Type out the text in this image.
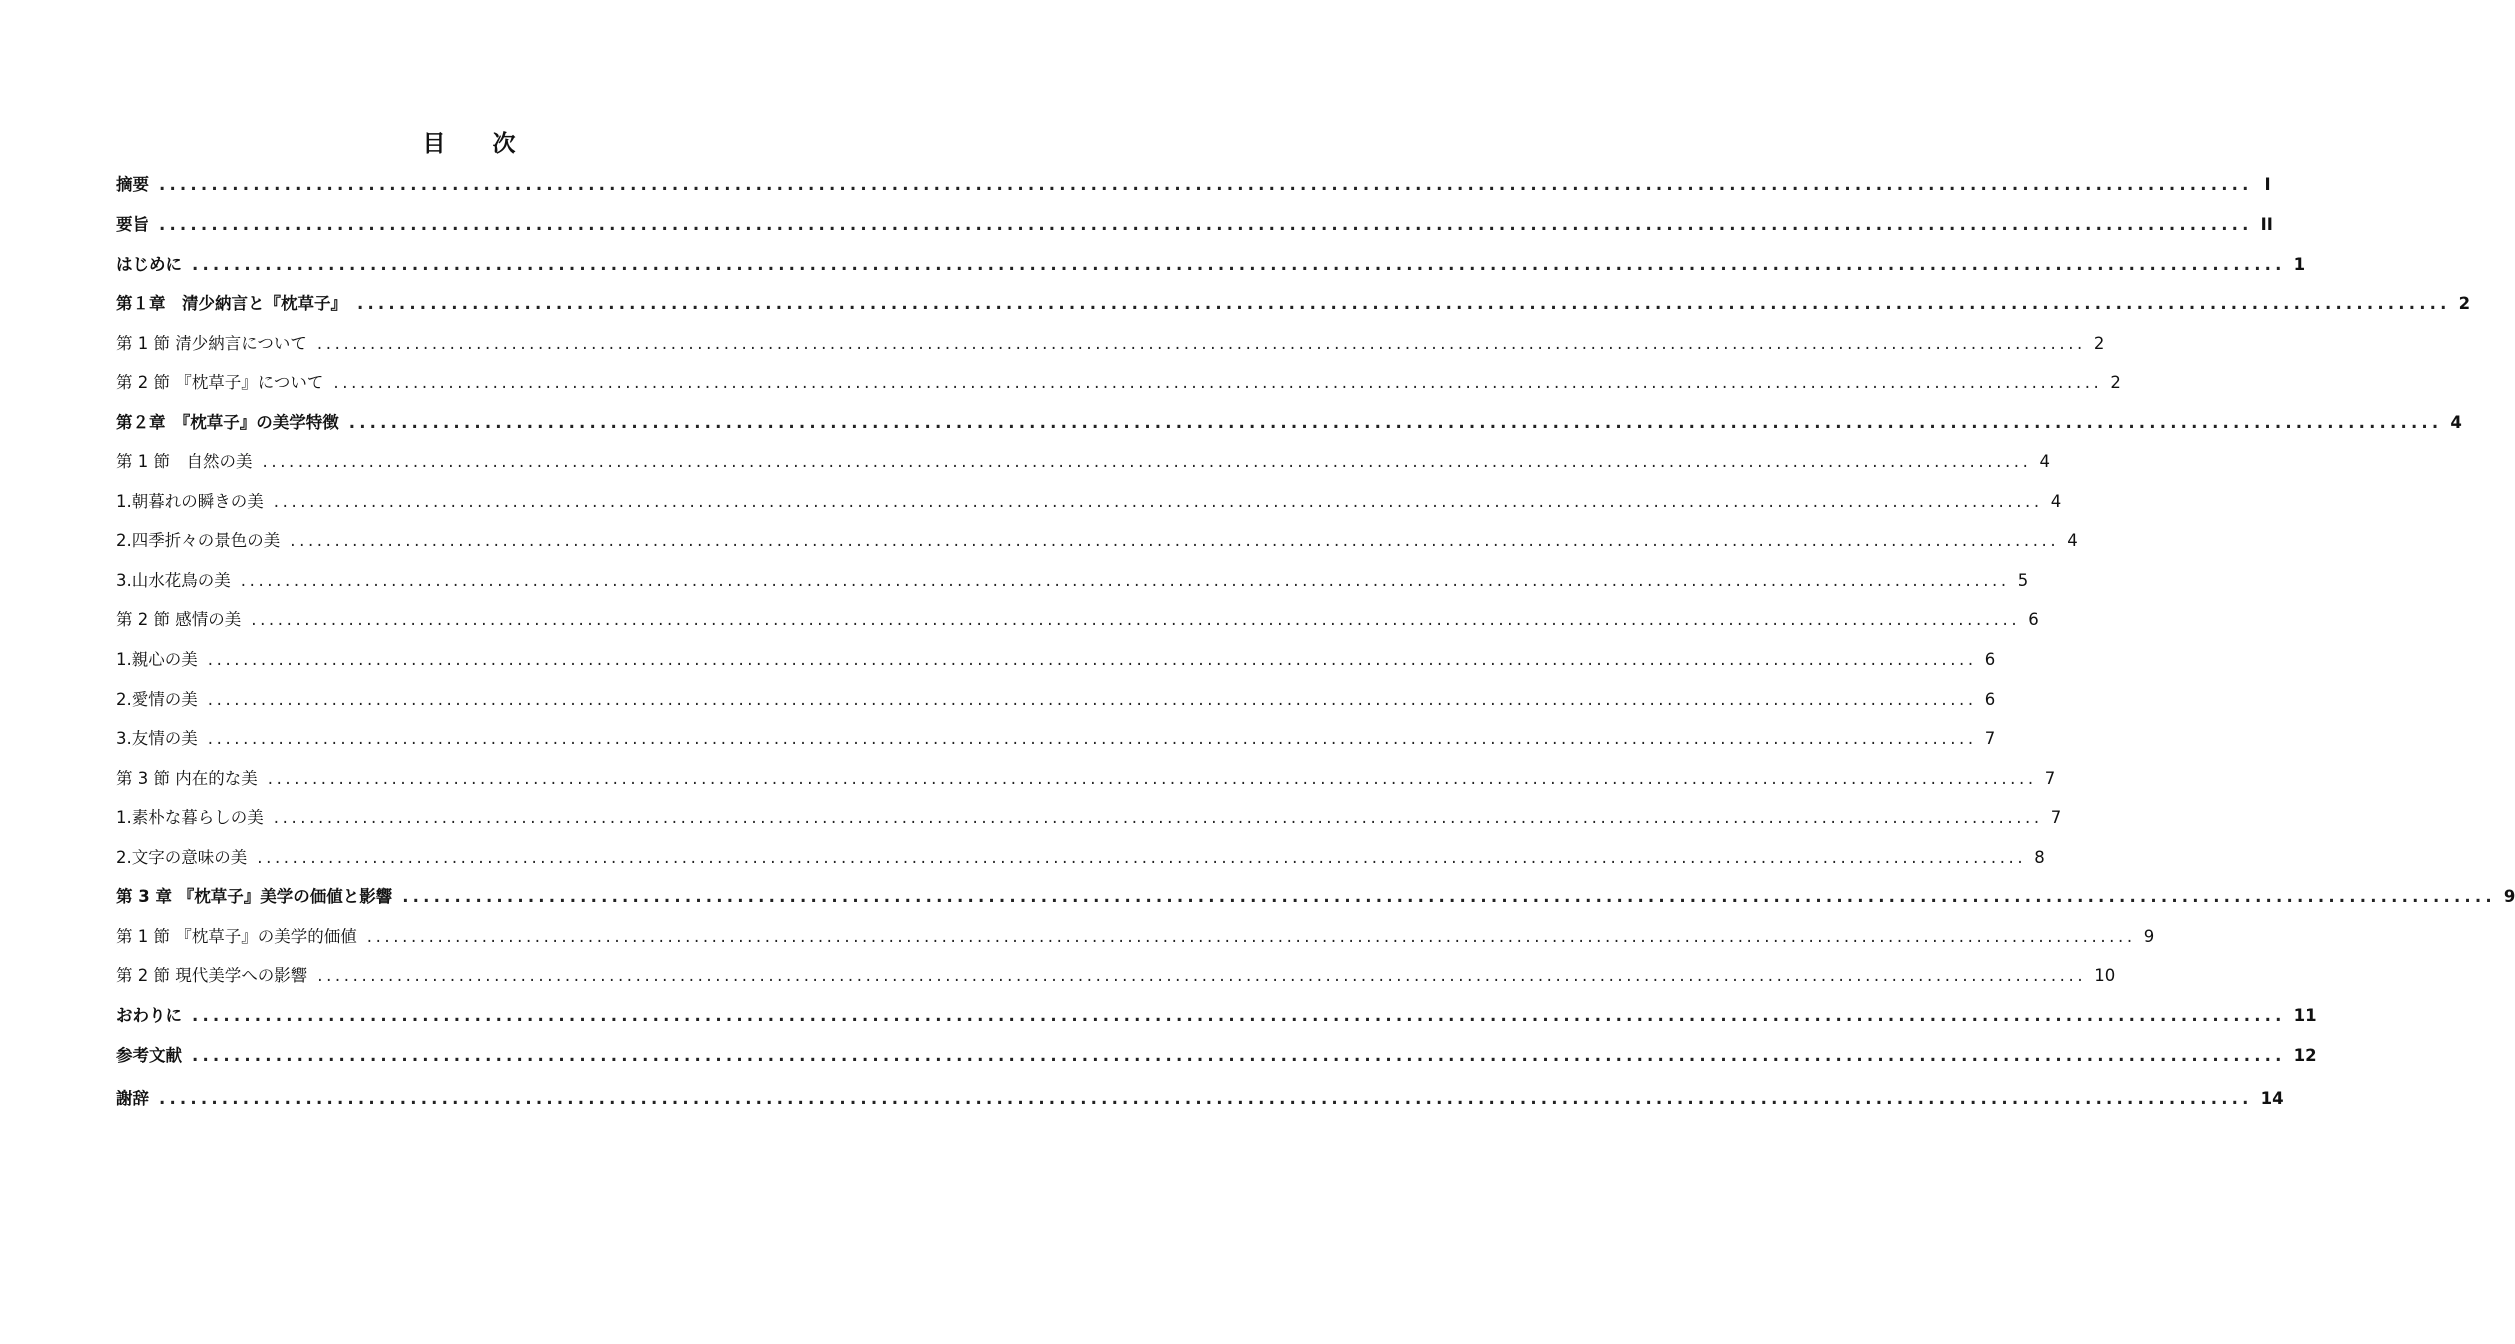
目　次
摘要 ........................................................................................................................................................................................................ I
要旨 ........................................................................................................................................................................................................ II
はじめに ........................................................................................................................................................................................................ 1
第１章　清少納言と『枕草子』 ........................................................................................................................................................................................................ 2
第 1 節 清少納言について ........................................................................................................................................................................................................ 2
第 2 節 『枕草子』について ........................................................................................................................................................................................................ 2
第２章　『枕草子』の美学特徴 ........................................................................................................................................................................................................ 4
第 1 節　自然の美 ........................................................................................................................................................................................................ 4
1.朝暮れの瞬きの美 ........................................................................................................................................................................................................ 4
2.四季折々の景色の美 ........................................................................................................................................................................................................ 4
3.山水花鳥の美 ........................................................................................................................................................................................................ 5
第 2 節 感情の美 ........................................................................................................................................................................................................ 6
1.親心の美 ........................................................................................................................................................................................................ 6
2.愛情の美 ........................................................................................................................................................................................................ 6
3.友情の美 ........................................................................................................................................................................................................ 7
第 3 節 内在的な美 ........................................................................................................................................................................................................ 7
1.素朴な暮らしの美 ........................................................................................................................................................................................................ 7
2.文字の意味の美 ........................................................................................................................................................................................................ 8
第 3 章 『枕草子』美学の価値と影響 ........................................................................................................................................................................................................ 9
第 1 節 『枕草子』の美学的価値 ........................................................................................................................................................................................................ 9
第 2 節 現代美学への影響 ........................................................................................................................................................................................................ 10
おわりに ........................................................................................................................................................................................................ 11
参考文献 ........................................................................................................................................................................................................ 12
謝辞 ........................................................................................................................................................................................................ 14
